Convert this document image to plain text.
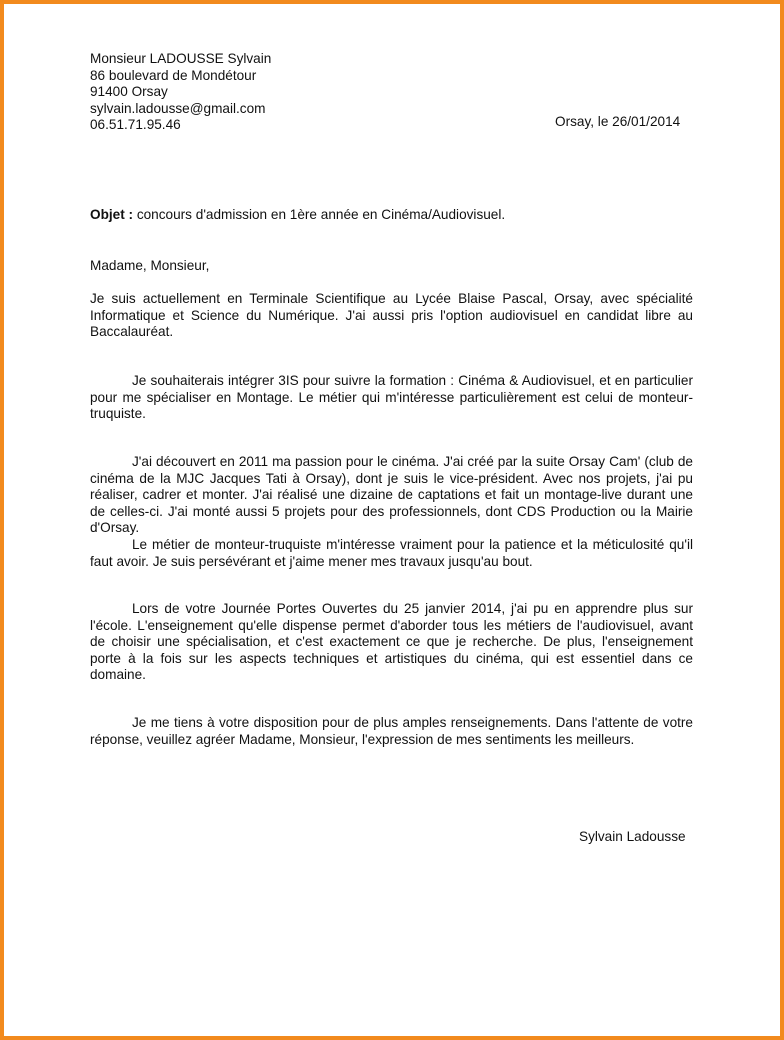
Monsieur LADOUSSE Sylvain
86 boulevard de Mondétour
91400 Orsay
sylvain.ladousse@gmail.com
06.51.71.95.46	Orsay, le 26/01/2014
Objet : concours d'admission en 1ère année en Cinéma/Audiovisuel.
Madame, Monsieur,

Je suis actuellement en Terminale Scientifique au Lycée Blaise Pascal, Orsay, avec spécialité Informatique et Science du Numérique. J'ai aussi pris l'option audiovisuel en candidat libre au Baccalauréat.

Je souhaiterais intégrer 3IS pour suivre la formation : Cinéma & Audiovisuel, et en particulier pour me spécialiser en Montage. Le métier qui m'intéresse particulièrement est celui de monteur-truquiste.

J'ai découvert en 2011 ma passion pour le cinéma. J'ai créé par la suite Orsay Cam' (club de cinéma de la MJC Jacques Tati à Orsay), dont je suis le vice-président. Avec nos projets, j'ai pu réaliser, cadrer et monter. J'ai réalisé une dizaine de captations et fait un montage-live durant une de celles-ci. J'ai monté aussi 5 projets pour des professionnels, dont CDS Production ou la Mairie d'Orsay.
Le métier de monteur-truquiste m'intéresse vraiment pour la patience et la méticulosité qu'il faut avoir. Je suis persévérant et j'aime mener mes travaux jusqu'au bout.

Lors de votre Journée Portes Ouvertes du 25 janvier 2014, j'ai pu en apprendre plus sur l'école. L'enseignement qu'elle dispense permet d'aborder tous les métiers de l'audiovisuel, avant de choisir une spécialisation, et c'est exactement ce que je recherche. De plus, l'enseignement porte à la fois sur les aspects techniques et artistiques du cinéma, qui est essentiel dans ce domaine.

Je me tiens à votre disposition pour de plus amples renseignements. Dans l'attente de votre réponse, veuillez agréer Madame, Monsieur, l'expression de mes sentiments les meilleurs.

Sylvain Ladousse
